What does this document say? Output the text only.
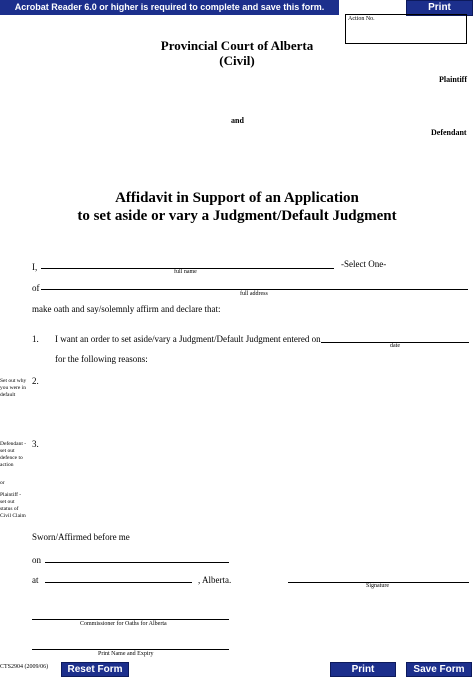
Acrobat Reader 6.0 or higher is required to complete and save this form.	Print
Action No.
Provincial Court of Alberta
(Civil)
Plaintiff
and
Defendant
Affidavit in Support of an Application
to set aside or vary a Judgment/Default Judgment
I,	-Select One-
full name
of
full address
make oath and say/solemnly affirm and declare that:
1. I want an order to set aside/vary a Judgment/Default Judgment entered on
date
for the following reasons:
2.
3.
Set out why you were in default
Defendant - set out defence to action
or
Plaintiff - set out status of Civil Claim
Sworn/Affirmed before me
on
at	, Alberta.
Signature
Commissioner for Oaths for Alberta
Print Name and Expiry
CTS2904 (2009/06)	Reset Form	Print	Save Form
